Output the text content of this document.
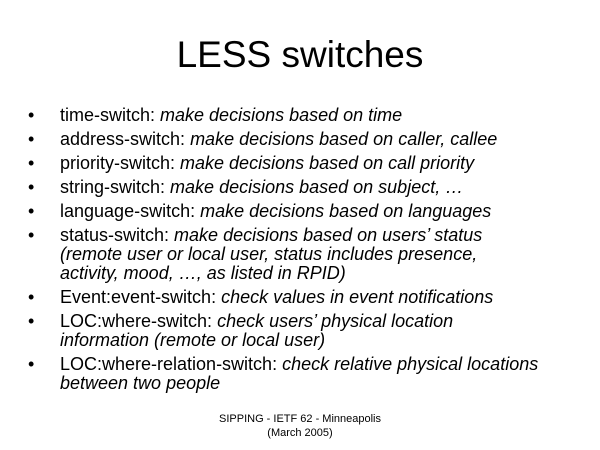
LESS switches
•	time-switch: make decisions based on time
•	address-switch: make decisions based on caller, callee
•	priority-switch: make decisions based on call priority
•	string-switch: make decisions based on subject, …
•	language-switch: make decisions based on languages
•	status-switch: make decisions based on users’ status
(remote user or local user, status includes presence,
activity, mood, …, as listed in RPID)
•	Event:event-switch: check values in event notifications
•	LOC:where-switch: check users’ physical location
information (remote or local user)
•	LOC:where-relation-switch: check relative physical locations
between two people
SIPPING - IETF 62 - Minneapolis
(March 2005)
